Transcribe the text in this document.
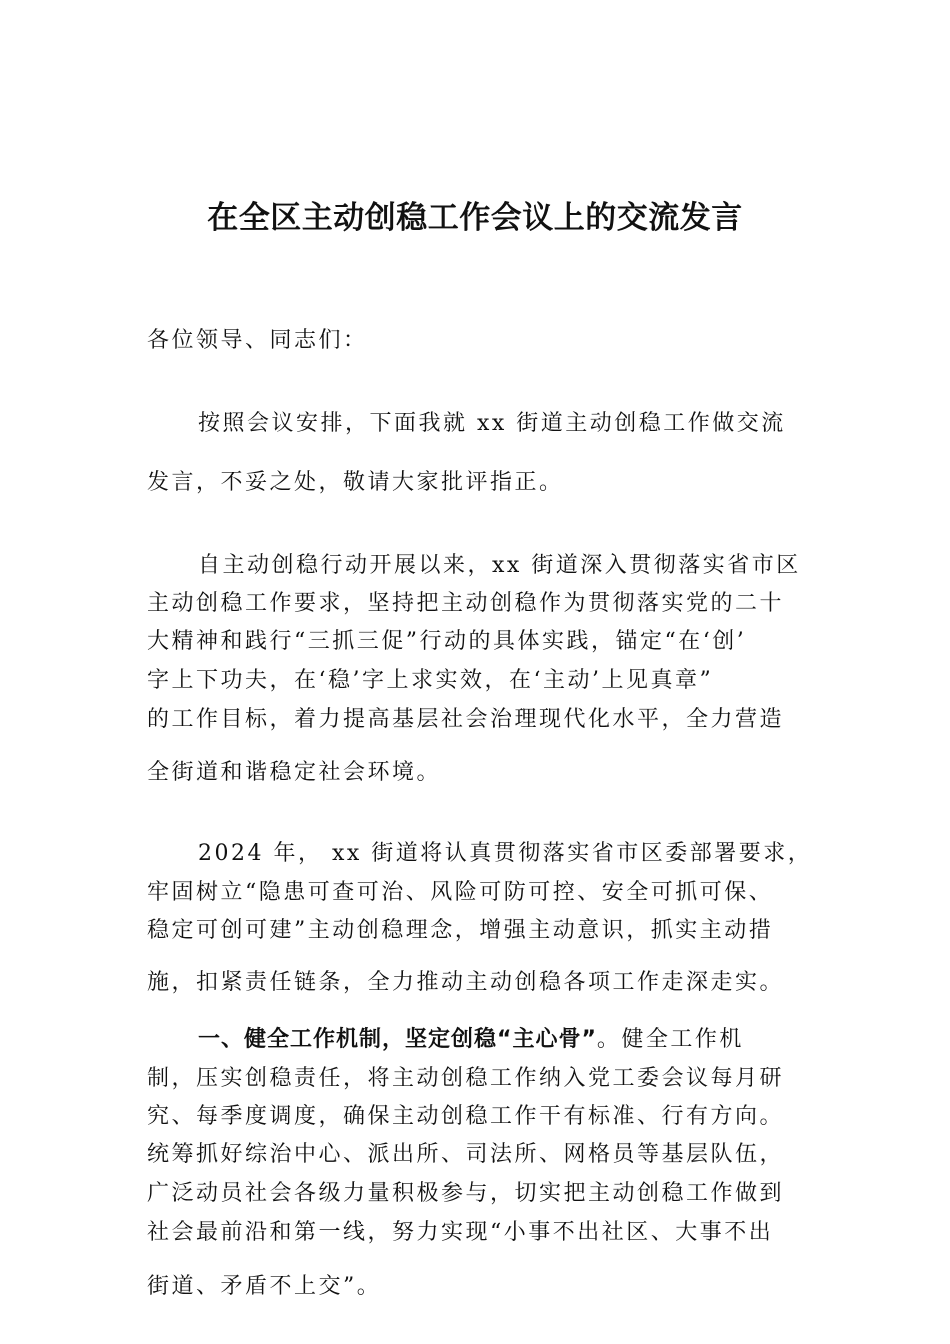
在全区主动创稳工作会议上的交流发言
各位领导、同志们：
按照会议安排，下面我就 xx 街道主动创稳工作做交流
发言，不妥之处，敬请大家批评指正。
自主动创稳行动开展以来，xx 街道深入贯彻落实省市区
主动创稳工作要求，坚持把主动创稳作为贯彻落实党的二十
大精神和践行“三抓三促”行动的具体实践，锚定“在‘创’
字上下功夫，在‘稳’字上求实效，在‘主动’上见真章”
的工作目标，着力提高基层社会治理现代化水平，全力营造
全街道和谐稳定社会环境。
2024 年， xx 街道将认真贯彻落实省市区委部署要求，
牢固树立“隐患可查可治、风险可防可控、安全可抓可保、
稳定可创可建”主动创稳理念，增强主动意识，抓实主动措
施，扣紧责任链条，全力推动主动创稳各项工作走深走实。
一、健全工作机制，坚定创稳“主心骨”。健全工作机
制，压实创稳责任，将主动创稳工作纳入党工委会议每月研
究、每季度调度，确保主动创稳工作干有标准、行有方向。
统筹抓好综治中心、派出所、司法所、网格员等基层队伍，
广泛动员社会各级力量积极参与，切实把主动创稳工作做到
社会最前沿和第一线，努力实现“小事不出社区、大事不出
街道、矛盾不上交”。
